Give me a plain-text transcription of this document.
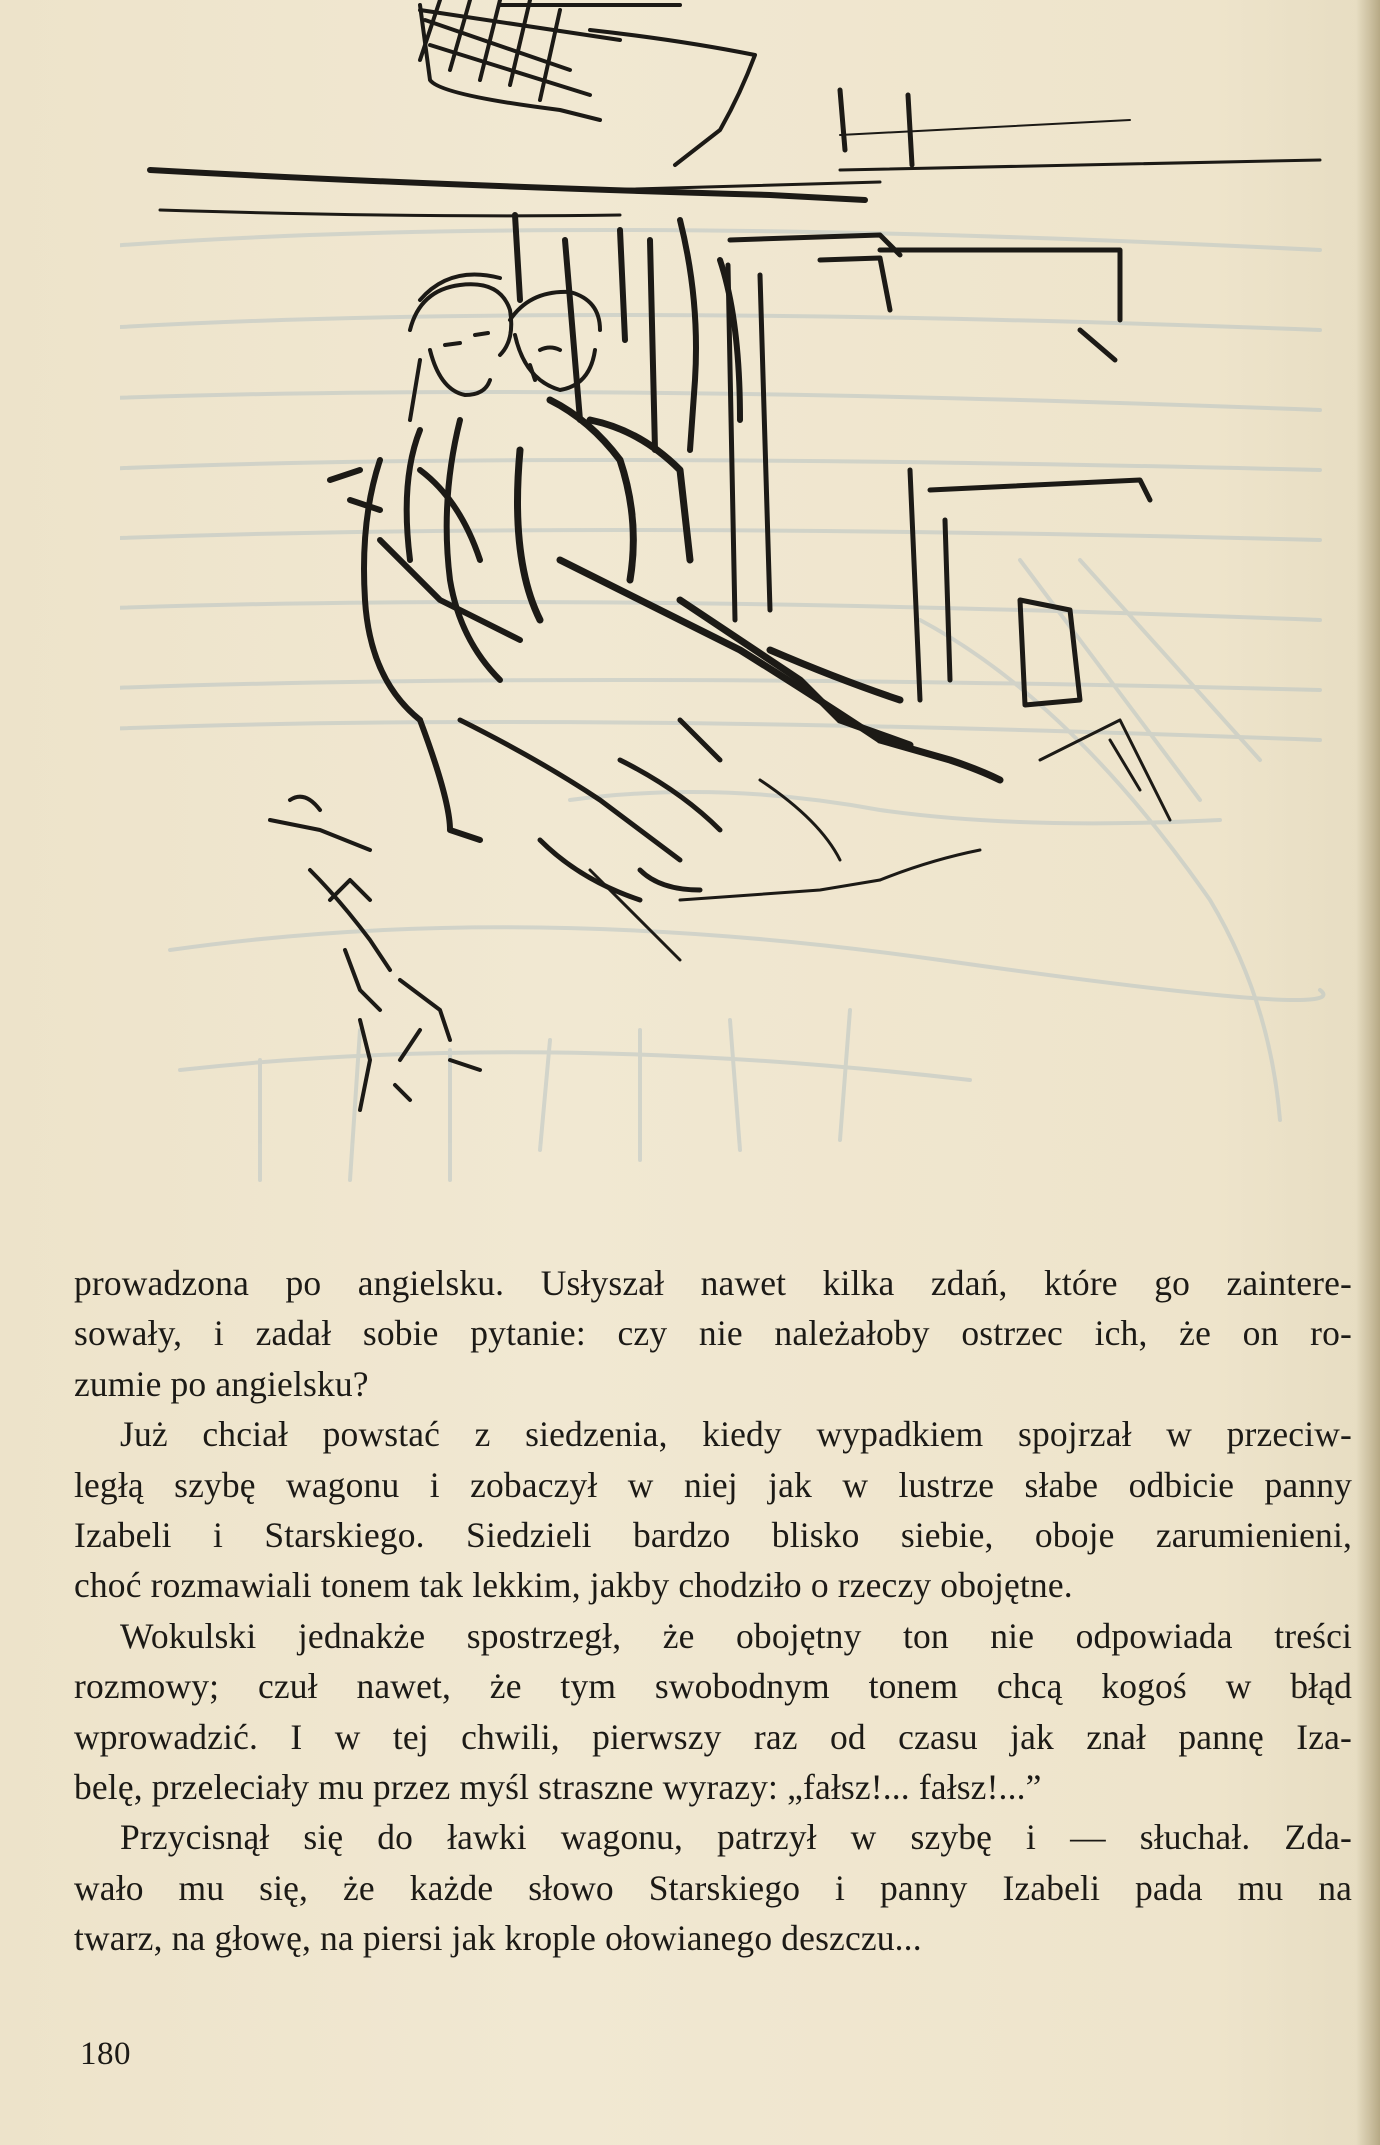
prowadzona po angielsku. Usłyszał nawet kilka zdań, które go zaintere-
sowały, i zadał sobie pytanie: czy nie należałoby ostrzec ich, że on ro-
zumie po angielsku?
Już chciał powstać z siedzenia, kiedy wypadkiem spojrzał w przeciw-
ległą szybę wagonu i zobaczył w niej jak w lustrze słabe odbicie panny
Izabeli i Starskiego. Siedzieli bardzo blisko siebie, oboje zarumienieni,
choć rozmawiali tonem tak lekkim, jakby chodziło o rzeczy obojętne.
Wokulski jednakże spostrzegł, że obojętny ton nie odpowiada treści
rozmowy; czuł nawet, że tym swobodnym tonem chcą kogoś w błąd
wprowadzić. I w tej chwili, pierwszy raz od czasu jak znał pannę Iza-
belę, przeleciały mu przez myśl straszne wyrazy: „fałsz!... fałsz!...”
Przycisnął się do ławki wagonu, patrzył w szybę i — słuchał. Zda-
wało mu się, że każde słowo Starskiego i panny Izabeli pada mu na
twarz, na głowę, na piersi jak krople ołowianego deszczu...
180
